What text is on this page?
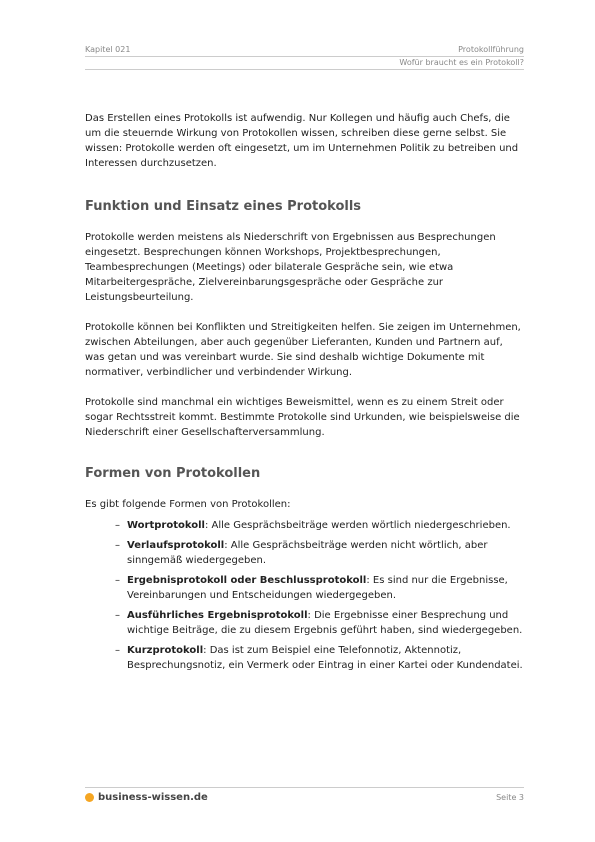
Kapitel 021	Protokollführung
Wofür braucht es ein Protokoll?

Das Erstellen eines Protokolls ist aufwendig. Nur Kollegen und häufig auch Chefs, die um die steuernde Wirkung von Protokollen wissen, schreiben diese gerne selbst. Sie wissen: Protokolle werden oft eingesetzt, um im Unternehmen Politik zu betreiben und Interessen durchzusetzen.

Funktion und Einsatz eines Protokolls

Protokolle werden meistens als Niederschrift von Ergebnissen aus Besprechungen eingesetzt. Besprechungen können Workshops, Projektbesprechungen, Teambesprechungen (Meetings) oder bilaterale Gespräche sein, wie etwa Mitarbeitergespräche, Zielvereinbarungsgespräche oder Gespräche zur Leistungsbeurteilung.

Protokolle können bei Konflikten und Streitigkeiten helfen. Sie zeigen im Unternehmen, zwischen Abteilungen, aber auch gegenüber Lieferanten, Kunden und Partnern auf, was getan und was vereinbart wurde. Sie sind deshalb wichtige Dokumente mit normativer, verbindlicher und verbindender Wirkung.

Protokolle sind manchmal ein wichtiges Beweismittel, wenn es zu einem Streit oder sogar Rechtsstreit kommt. Bestimmte Protokolle sind Urkunden, wie beispielsweise die Niederschrift einer Gesellschafterversammlung.

Formen von Protokollen

Es gibt folgende Formen von Protokollen:

– Wortprotokoll: Alle Gesprächsbeiträge werden wörtlich niedergeschrieben.
– Verlaufsprotokoll: Alle Gesprächsbeiträge werden nicht wörtlich, aber sinngemäß wiedergegeben.
– Ergebnisprotokoll oder Beschlussprotokoll: Es sind nur die Ergebnisse, Vereinbarungen und Entscheidungen wiedergegeben.
– Ausführliches Ergebnisprotokoll: Die Ergebnisse einer Besprechung und wichtige Beiträge, die zu diesem Ergebnis geführt haben, sind wiedergegeben.
– Kurzprotokoll: Das ist zum Beispiel eine Telefonnotiz, Aktennotiz, Besprechungsnotiz, ein Vermerk oder Eintrag in einer Kartei oder Kundendatei.
business-wissen.de	Seite 3
